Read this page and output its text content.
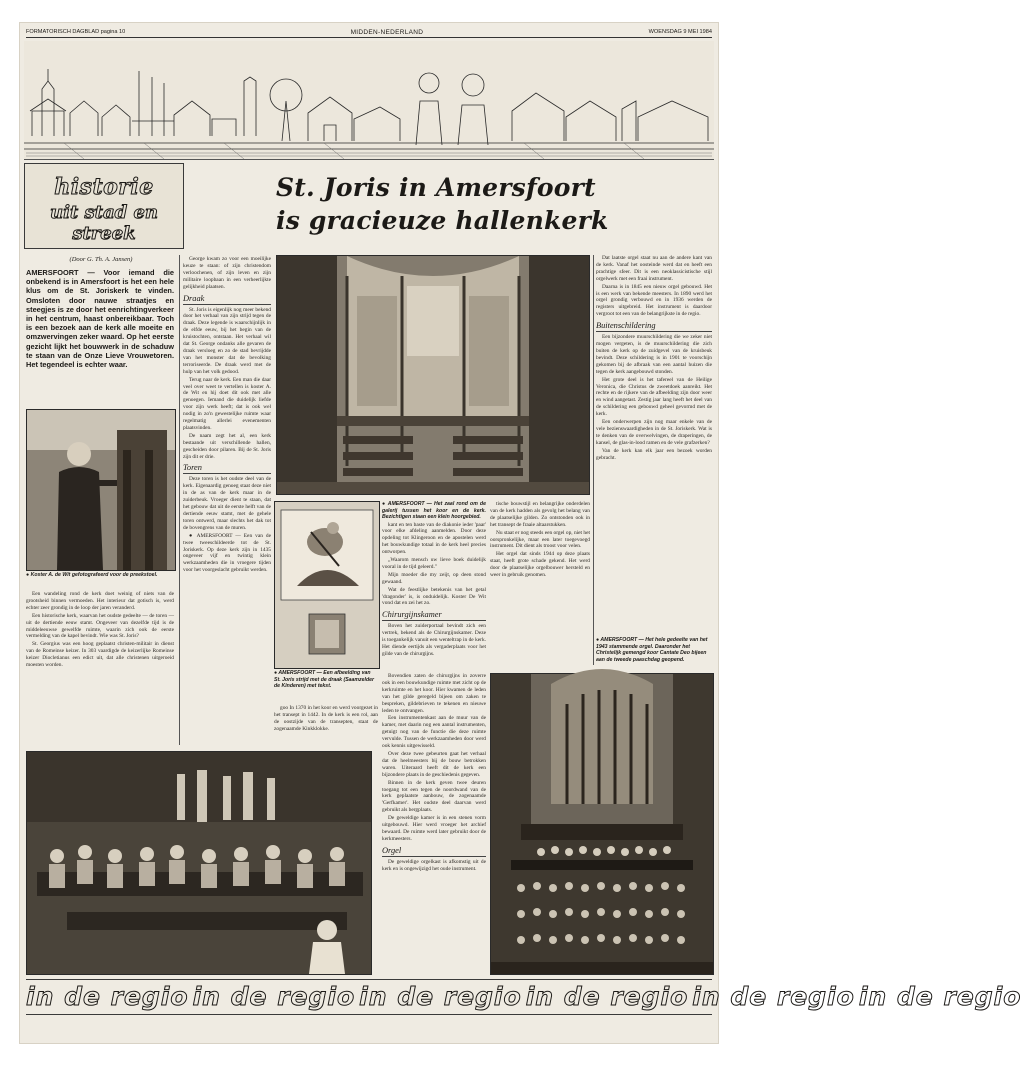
FORMATORISCH DAGBLAD pagina 10	MIDDEN-NEDERLAND	WOENSDAG 9 MEI 1984
historie
uit stad en streek
St. Joris in Amersfoort
is gracieuze hallenkerk
(Door G. Th. A. Jansen)

AMERSFOORT — Voor iemand die onbekend is in Amersfoort is het een hele klus om de St. Joriskerk te vinden. Omsloten door nauwe straatjes en steegjes is ze door het eenrichtingverkeer in het centrum, haast onbereikbaar. Toch is een bezoek aan de kerk alle moeite en omzwervingen zeker waard. Op het eerste gezicht lijkt het bouwwerk in de schaduw te staan van de Onze Lieve Vrouwetoren. Het tegendeel is echter waar.

● Koster A. de Wit gefotografeerd voor de preekstoel.

Een wandeling rond de kerk doet weinig of niets van de grootsheid binnen vermoeden. Het interieur dat gotisch is, werd echter zeer grondig in de loop der jaren veranderd.

Een historische kerk, waarvan het oudste gedeelte — de toren — uit de dertiende eeuw stamt. Ongeveer van dezelfde tijd is de middeleeuwse gewelfde ruimte, waarin zich ook de eerste vermelding van de kapel bevindt. Wie was St. Joris?

St. Georgius was een hoog geplaatst christen-militair in dienst van de Romeinse keizer. In 303 vaardigde de keizerlijke Romeinse keizer Diocletianus een edict uit, dat alle christenen uitgeroeid moesten worden.

George kwam zo voor een moeilijke keuze te staan: of zijn christendom verloochenen, of zijn leven en zijn militaire loopbaan in een verheerlijkte gelijkheid plaatsen.

Draak

St. Joris is eigenlijk nog meer bekend door het verhaal van zijn strijd tegen de draak. Deze legende is waarschijnlijk in de elfde eeuw, bij het begin van de kruistochten, ontstaan. Het verhaal wil dat St. George ondanks alle gevaren de draak versloeg en zo de stad bevrijdde van het monster dat de bevolking terroriseerde. De draak werd met de hulp van het volk gedood.

Terug naar de kerk. Een man die daar veel over weet te vertellen is koster A. de Wit en hij doet dit ook met alle genoegen. Iemand die duidelijk liefde voor zijn werk heeft; dat is ook wel nodig in zo'n gewestelijke ruimte waar regelmatig allerlei evenementen plaatsvinden.

De naam zegt het al, een kerk bestaande uit verschillende hallen, gescheiden door pilaren. Bij de St. Joris zijn dit er drie.

Toren

Deze toren is het oudste deel van de kerk. Eigenaardig genoeg staat deze niet in de as van de kerk maar in de zuiderbeuk. Vroeger dient te staan, dat het gebouw dat uit de eerste helft van de dertiende eeuw stamt, met de gehele toren ontwerd, maar slechts het dak tot de bovengrens van de muren.

● AMERSFOORT — Een van de twee tweeschildeerde tot de St. Joriskerk. Op deze kerk zijn in 1435 ongeveer vijf en twintig klein werkzaamheden die in vroegere tijden voor het voorgeslacht gebruikt werden.

● AMERSFOORT — Een afbeelding van St. Joris strijd met de draak (Saamzelder de Kinderen) met tekst.

goo In 1370 in het koor en werd voorgezet in het transept in 1442. In de kerk is een rol, aan de oostzijde van de transepten, staat de zogenaamde Kinkklokke.

● AMERSFOORT — Het zaal rond om de galerij tussen het koor en de kerk. Bezichtigen staan een klein hoorgebied.

kant en ten baste van de diakonie ieder 'paar' voor elke afdeling aanmelden. Door deze opdeling tot Klingeroon en de apostelen werd het bouwkundige totaal in de kerk heel precies ontworpen.

„Waarom mensch uw lieve boek duidelijk vooral in de tijd geleerd."

Mijn moeder die my zeijt, op deen stond gewaand.

Wat de feestlijke betekenis van het getal 'dragonder' is, is onduidelijk. Koster De Wit vond dat en zei het zo.

Chirurgijnskamer

Boven het zuiderportaal bevindt zich een vertrek, bekend als de Chirurgijnskamer. Deze is toegankelijk vanuit een wenteltrap in de kerk. Het diende eertijds als vergaderplaats voor het gilde van de chirurgijns.

tische bouwstijl en belangrijke onderdelen van de kerk hadden als gevolg het belang van de plaatselijke gilden. Zo ontstonden ook in het transept de fraaie altaarstukken.

Nu staat er nog steeds een orgel op, niet het oorspronkelijke, maar een later toegevoegd instrument. Dit dient als troost voor velen.

Het orgel dat sinds 1944 op deze plaats staat, heeft grote schade gekend. Het werd door de plaatselijke orgelbouwer hersteld en weer in gebruik genomen.

Dat laatste orgel staat nu aan de andere kant van de kerk. Vanaf het oosteinde werd dat en heeft een prachtige sfeer. Dit is een neoklassicistische stijl orgelwerk met een fraai instrument.

Daarna is in 1845 een nieuw orgel gebouwd. Het is een werk van bekende meesters. In 1890 werd het orgel grondig verbouwd en in 1936 werden de registers uitgebreid. Het instrument is daardoor vergroot tot een van de belangrijkste in de regio.

Buitenschildering

Een bijzondere muurschildering die we zeker niet mogen vergeten, is de muurschildering die zich buiten de kerk op de zuidgevel van de kruisbeuk bevindt. Deze schildering is in 1901 te voorschijn gekomen bij de afbraak van een aantal huizen die tegen de kerk aangebouwd stonden.

Het grote deel is het tafereel van de Heilige Veronica, die Christus de zweetdoek aanreikt. Het rechte en de rijkere van de afbeelding zijn door weer en wind aangetast. Zestig jaar lang heeft het deel van de schildering een gebouwd geheel gevormd met de kerk.

Een onderwerpen zijn nog maar enkele van de vele bezienswaardigheden in de St. Joriskerk. Wat is te denken van de overwelvingen, de draperingen, de kansel, de glas-in-lood ramen en de vele grafzerken?

Van de kerk kan elk jaar een bezoek worden gebracht.

● AMERSFOORT — Het hele gedeelte van het 1943 stammende orgel. Daaronder het Christelijk gemengd koor Cantate Deo bijeen aan de tweede paaschdag geopend.

Bovendien zaten de chirurgijns in zoverre ook in een bouwkundige ruimte met zicht op de kerkruimte en het koor. Hier kwamen de leden van het gilde geregeld bijeen om zaken te bespreken, gildebrieven te tekenen en nieuwe leden te ontvangen.

Een instrumentenkast aan de muur van de kamer, met daarin nog een aantal instrumenten, getuigt nog van de functie die deze ruimte vervulde. Tussen de werkzaamheden door werd ook kennis uitgewisseld.

Over deze twee gebeurten gaat het verhaal dat de heelmeesters bij de bouw betrokken waren. Uiteraard heeft dit de kerk een bijzondere plaats in de geschiedenis gegeven.

Binnen in de kerk geven twee deuren toegang tot een tegen de noordwand van de kerk geplaatste aanbouw, de zogenaamde 'Gerfkamer'. Het oudste deel daarvan werd gebruikt als bergplaats.

De geweldige kamer is in een stenen vorm uitgebouwd. Hier werd vroeger het archief bewaard. De ruimte werd later gebruikt door de kerkmeesters.

Orgel

De geweldige orgelkast is afkomstig uit de kerk en is ongewijzigd het oude instrument.

in de regio in de regio in de regio in de regio in de regio in de regio
